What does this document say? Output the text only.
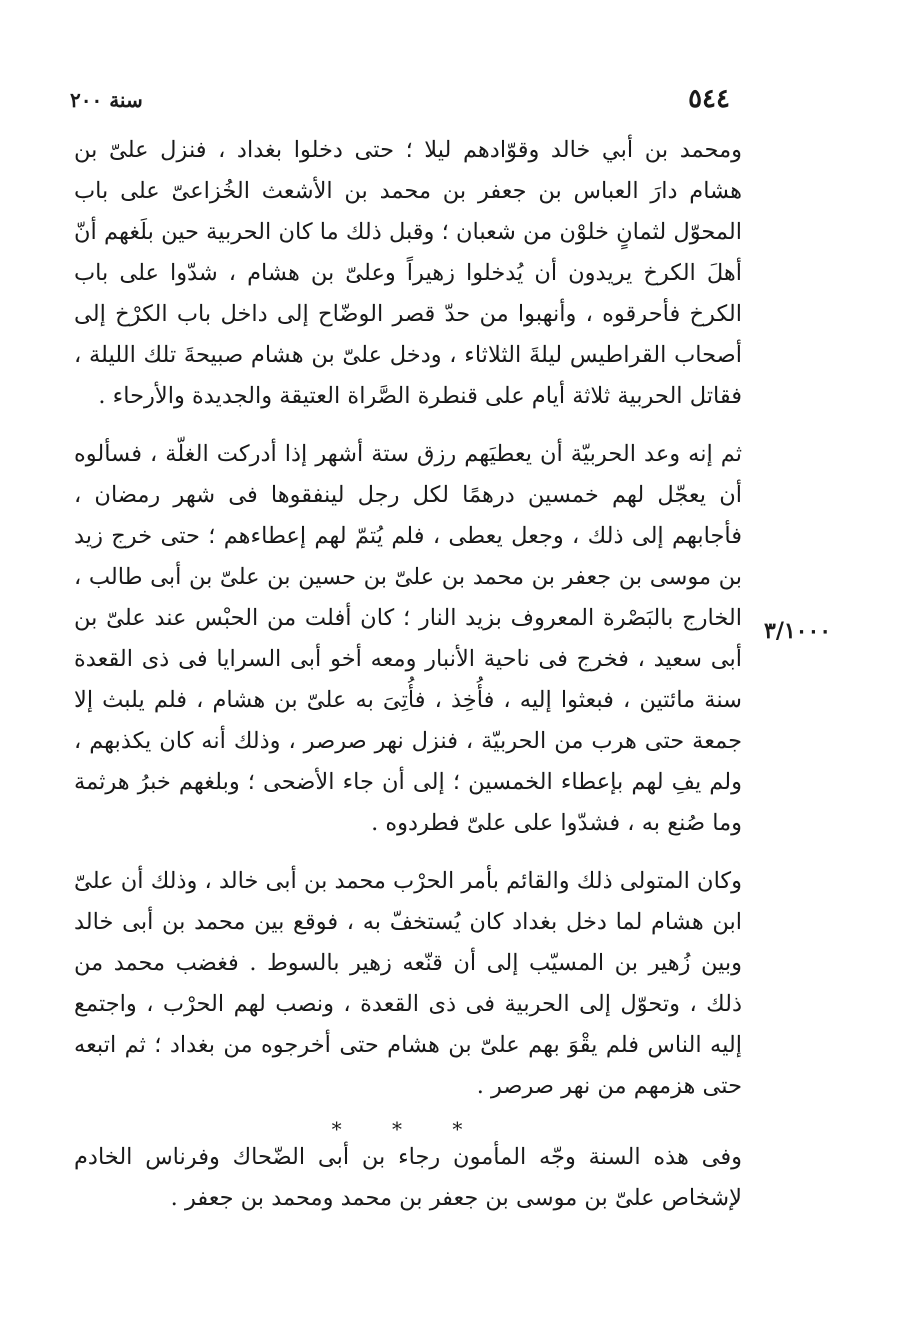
٥٤٤
سنة ٢٠٠
٣/١٠٠٠

ومحمد بن أبي خالد وقوّادهم ليلا ؛ حتى دخلوا بغداد ، فنزل علىّ بن هشام دارَ العباس بن جعفر بن محمد بن الأشعث الخُزاعىّ على باب المحوّل لثمانٍ خلوْن من شعبان ؛ وقبل ذلك ما كان الحربية حين بلَغهم أنّ أهلَ الكرخ يريدون أن يُدخلوا زهيراً وعلىّ بن هشام ، شدّوا على باب الكرخ فأحرقوه ، وأنهبوا من حدّ قصر الوضّاح إلى داخل باب الكرْخ إلى أصحاب القراطيس ليلةَ الثلاثاء ، ودخل علىّ بن هشام صبيحةَ تلك الليلة ، فقاتل الحربية ثلاثة أيام على قنطرة الصَّراة العتيقة والجديدة والأرحاء .

ثم إنه وعد الحربيّة أن يعطيَهم رزق ستة أشهر إذا أدركت الغلّة ، فسألوه أن يعجّل لهم خمسين درهمًا لكل رجل لينفقوها فى شهر رمضان ، فأجابهم إلى ذلك ، وجعل يعطى ، فلم يُتمّ لهم إعطاءهم ؛ حتى خرج زيد بن موسى بن جعفر بن محمد بن علىّ بن حسين بن علىّ بن أبى طالب ، الخارج بالبَصْرة المعروف بزيد النار ؛ كان أفلت من الحبْس عند علىّ بن أبى سعيد ، فخرج فى ناحية الأنبار ومعه أخو أبى السرايا فى ذى القعدة سنة مائتين ، فبعثوا إليه ، فأُخِذ ، فأُتِىَ به علىّ بن هشام ، فلم يلبث إلا جمعة حتى هرب من الحربيّة ، فنزل نهر صرصر ، وذلك أنه كان يكذبهم ، ولم يفِ لهم بإعطاء الخمسين ؛ إلى أن جاء الأضحى ؛ وبلغهم خبرُ هرثمة وما صُنع به ، فشدّوا على علىّ فطردوه .

وكان المتولى ذلك والقائم بأمر الحرْب محمد بن أبى خالد ، وذلك أن علىّ ابن هشام لما دخل بغداد كان يُستخفّ به ، فوقع بين محمد بن أبى خالد وبين زُهير بن المسيّب إلى أن قنّعه زهير بالسوط . فغضب محمد من ذلك ، وتحوّل إلى الحربية فى ذى القعدة ، ونصب لهم الحرْب ، واجتمع إليه الناس فلم يقْوَ بهم علىّ بن هشام حتى أخرجوه من بغداد ؛ ثم اتبعه حتى هزمهم من نهر صرصر .

* * *

وفى هذه السنة وجّه المأمون رجاء بن أبى الضّحاك وفرناس الخادم لإشخاص علىّ بن موسى بن جعفر بن محمد ومحمد بن جعفر .
